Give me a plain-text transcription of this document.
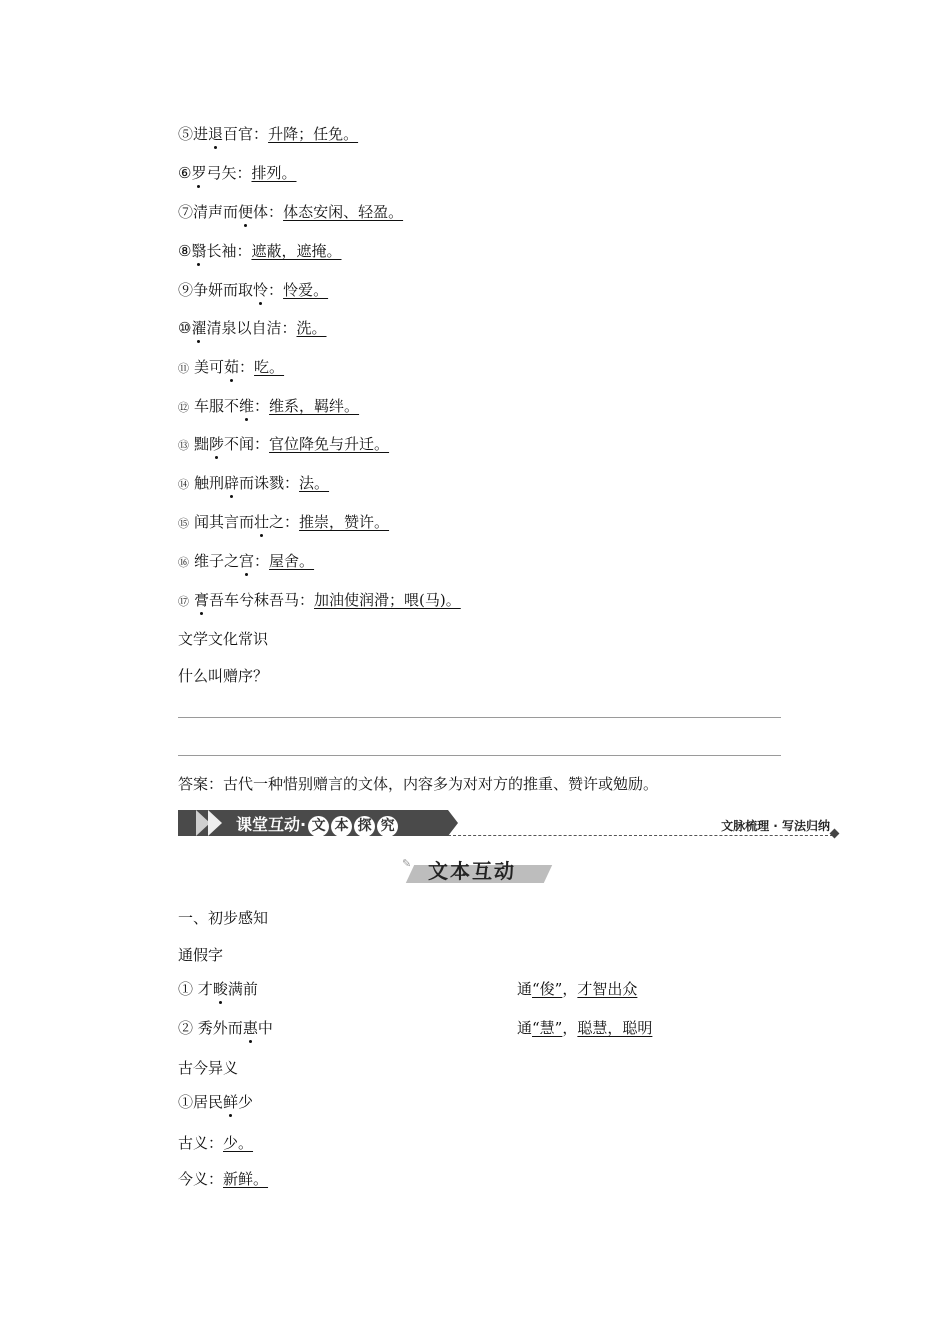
⑤进退百官：升降；任免。
⑥罗弓矢：排列。
⑦清声而便体：体态安闲、轻盈。
⑧翳长袖：遮蔽，遮掩。
⑨争妍而取怜：怜爱。
⑩濯清泉以自洁：洗。
⑪ 美可茹：吃。
⑫ 车服不维：维系，羁绊。
⑬ 黜陟不闻：官位降免与升迁。
⑭ 触刑辟而诛戮：法。
⑮ 闻其言而壮之：推崇，赞许。
⑯ 维子之宫：屋舍。
⑰ 膏吾车兮秣吾马：加油使润滑；喂(马)。
文学文化常识
什么叫赠序？
答案：古代一种惜别赠言的文体，内容多为对对方的推重、赞许或勉励。
课堂互动· 文 本 探 究	文脉梳理 · 写法归纳
✎ 文本互动
一、初步感知
通假字
① 才畯满前	通“俊”，才智出众
② 秀外而惠中	通“慧”，聪慧，聪明
古今异义
①居民鲜少
古义：少。
今义：新鲜。
